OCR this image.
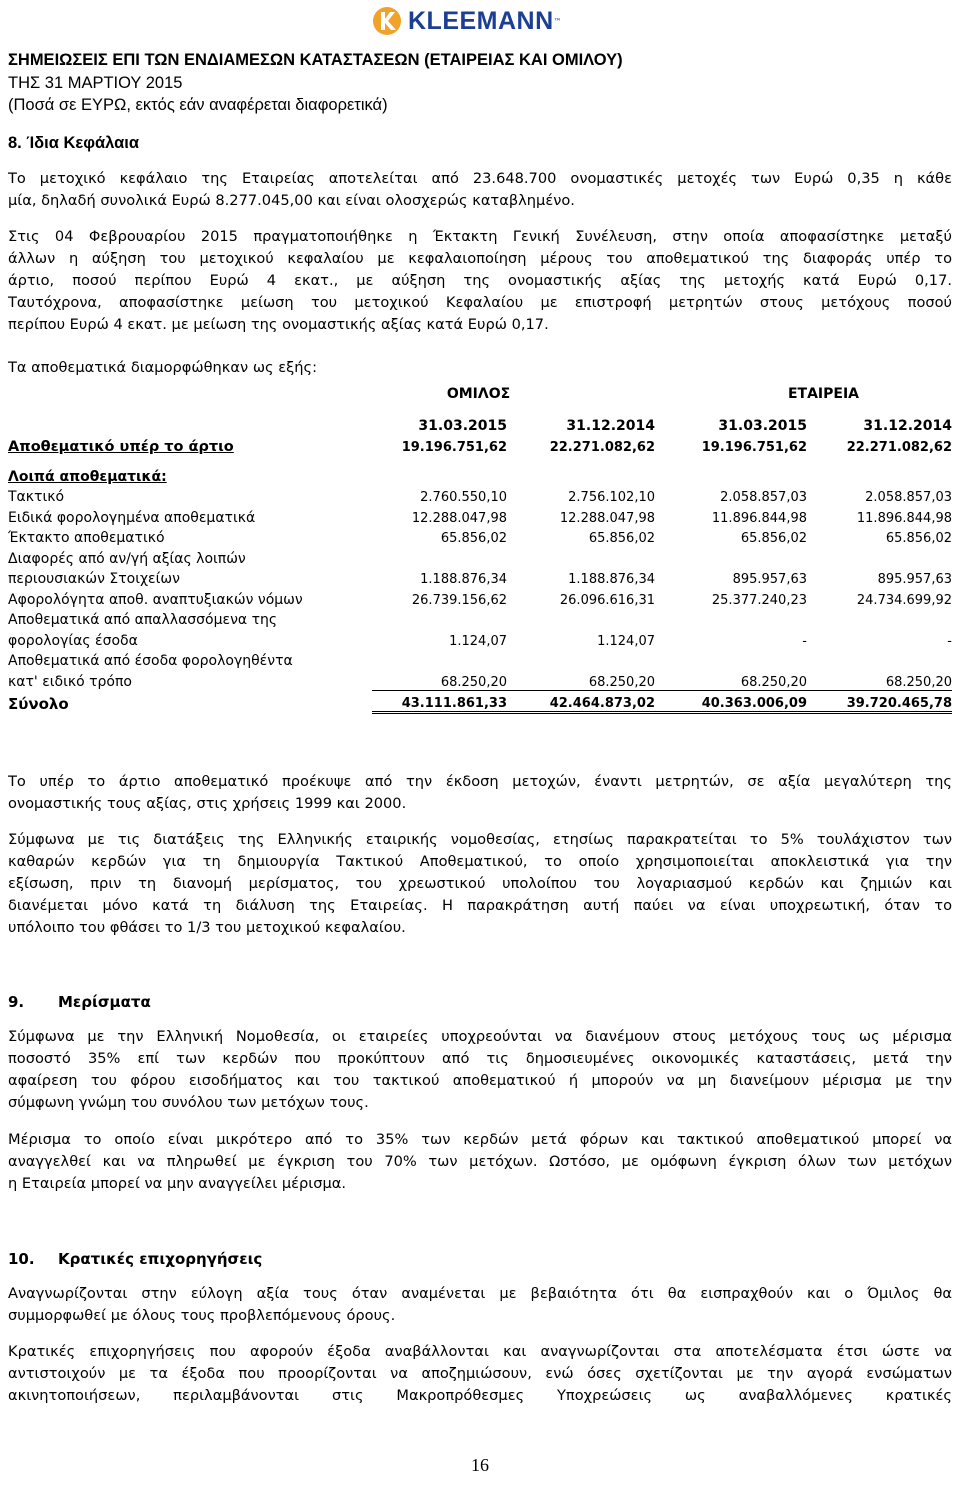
KLEEMANN ™
ΣΗΜΕΙΩΣΕΙΣ ΕΠΙ ΤΩΝ ΕΝΔΙΑΜΕΣΩΝ ΚΑΤΑΣΤΑΣΕΩΝ (ΕΤΑΙΡΕΙΑΣ ΚΑΙ ΟΜΙΛΟΥ)
ΤΗΣ 31 ΜΑΡΤΙΟΥ 2015
(Ποσά σε ΕΥΡΩ, εκτός εάν αναφέρεται διαφορετικά)
8. Ίδια Κεφάλαια
Το μετοχικό κεφάλαιο της Εταιρείας αποτελείται από 23.648.700 ονομαστικές μετοχές των Ευρώ 0,35 η κάθε
μία, δηλαδή συνολικά Ευρώ 8.277.045,00 και είναι ολοσχερώς καταβλημένο.
Στις 04 Φεβρουαρίου 2015 πραγματοποιήθηκε η Έκτακτη Γενική Συνέλευση, στην οποία αποφασίστηκε μεταξύ
άλλων η αύξηση του μετοχικού κεφαλαίου με κεφαλαιοποίηση μέρους του αποθεματικού της διαφοράς υπέρ το
άρτιο, ποσού περίπου Ευρώ 4 εκατ., με αύξηση της ονομαστικής αξίας της μετοχής κατά Ευρώ 0,17.
Ταυτόχρονα, αποφασίστηκε μείωση του μετοχικού Κεφαλαίου με επιστροφή μετρητών στους μετόχους ποσού
περίπου Ευρώ 4 εκατ. με μείωση της ονομαστικής αξίας κατά Ευρώ 0,17.
Τα αποθεματικά διαμορφώθηκαν ως εξής:
	ΟΜΙΛΟΣ		ΕΤΑΙΡΕΙΑ	
	31.03.2015	31.12.2014	31.03.2015	31.12.2014
Αποθεματικό υπέρ το άρτιο	19.196.751,62	22.271.082,62	19.196.751,62	22.271.082,62
Λοιπά αποθεματικά:				
Τακτικό	2.760.550,10	2.756.102,10	2.058.857,03	2.058.857,03
Ειδικά φορολογημένα αποθεματικά	12.288.047,98	12.288.047,98	11.896.844,98	11.896.844,98
Έκτακτο αποθεματικό	65.856,02	65.856,02	65.856,02	65.856,02
Διαφορές από αν/γή αξίας λοιπών				
περιουσιακών Στοιχείων	1.188.876,34	1.188.876,34	895.957,63	895.957,63
Αφορολόγητα αποθ. αναπτυξιακών νόμων	26.739.156,62	26.096.616,31	25.377.240,23	24.734.699,92
Αποθεματικά από απαλλασσόμενα της				
φορολογίας έσοδα	1.124,07	1.124,07	-	-
Αποθεματικά από έσοδα φορολογηθέντα				
κατ' ειδικό τρόπο	68.250,20	68.250,20	68.250,20	68.250,20
Σύνολο	43.111.861,33	42.464.873,02	40.363.006,09	39.720.465,78
Το υπέρ το άρτιο αποθεματικό προέκυψε από την έκδοση μετοχών, έναντι μετρητών, σε αξία μεγαλύτερη της
ονομαστικής τους αξίας, στις χρήσεις 1999 και 2000.
Σύμφωνα με τις διατάξεις της Ελληνικής εταιρικής νομοθεσίας, ετησίως παρακρατείται το 5% τουλάχιστον των
καθαρών κερδών για τη δημιουργία Τακτικού Αποθεματικού, το οποίο χρησιμοποιείται αποκλειστικά για την
εξίσωση, πριν τη διανομή μερίσματος, του χρεωστικού υπολοίπου του λογαριασμού κερδών και ζημιών και
διανέμεται μόνο κατά τη διάλυση της Εταιρείας. Η παρακράτηση αυτή παύει να είναι υποχρεωτική, όταν το
υπόλοιπο του φθάσει το 1/3 του μετοχικού κεφαλαίου.
9. Μερίσματα
Σύμφωνα με την Ελληνική Νομοθεσία, οι εταιρείες υποχρεούνται να διανέμουν στους μετόχους τους ως μέρισμα
ποσοστό 35% επί των κερδών που προκύπτουν από τις δημοσιευμένες οικονομικές καταστάσεις, μετά την
αφαίρεση του φόρου εισοδήματος και του τακτικού αποθεματικού ή μπορούν να μη διανείμουν μέρισμα με την
σύμφωνη γνώμη του συνόλου των μετόχων τους.
Μέρισμα το οποίο είναι μικρότερο από το 35% των κερδών μετά φόρων και τακτικού αποθεματικού μπορεί να
αναγγελθεί και να πληρωθεί με έγκριση του 70% των μετόχων. Ωστόσο, με ομόφωνη έγκριση όλων των μετόχων
η Εταιρεία μπορεί να μην αναγγείλει μέρισμα.
10. Κρατικές επιχορηγήσεις
Αναγνωρίζονται στην εύλογη αξία τους όταν αναμένεται με βεβαιότητα ότι θα εισπραχθούν και ο Όμιλος θα
συμμορφωθεί με όλους τους προβλεπόμενους όρους.
Κρατικές επιχορηγήσεις που αφορούν έξοδα αναβάλλονται και αναγνωρίζονται στα αποτελέσματα έτσι ώστε να
αντιστοιχούν με τα έξοδα που προορίζονται να αποζημιώσουν, ενώ όσες σχετίζονται με την αγορά ενσώματων
ακινητοποιήσεων, περιλαμβάνονται στις Μακροπρόθεσμες Υποχρεώσεις ως αναβαλλόμενες κρατικές
16
